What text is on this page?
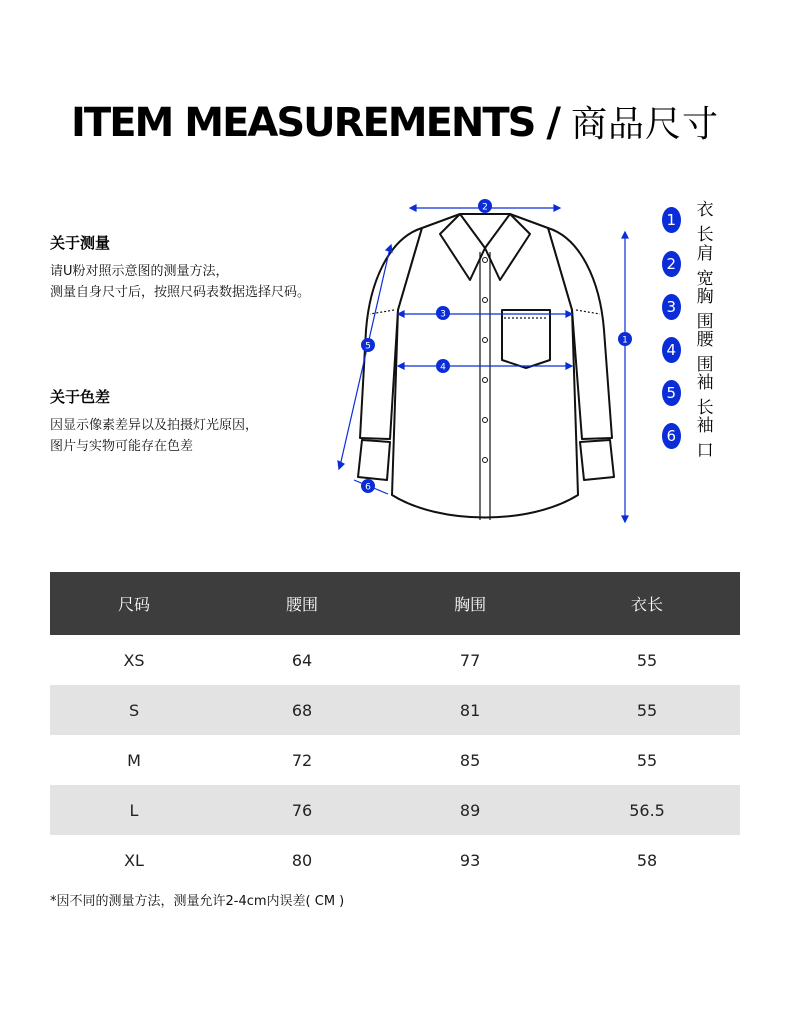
ITEM MEASUREMENTS / 商品尺寸
关于测量
请U粉对照示意图的测量方法，
测量自身尺寸后，按照尺码表数据选择尺码。
关于色差
因显示像素差异以及拍摄灯光原因，
图片与实物可能存在色差
2
1
3
4
5
6
1 衣长
2 肩宽
3 胸围
4 腰围
5 袖长
6 袖口
尺码	腰围	胸围	衣长
XS	64	77	55
S	68	81	55
M	72	85	55
L	76	89	56.5
XL	80	93	58
*因不同的测量方法，测量允许2-4cm内误差( CM )
